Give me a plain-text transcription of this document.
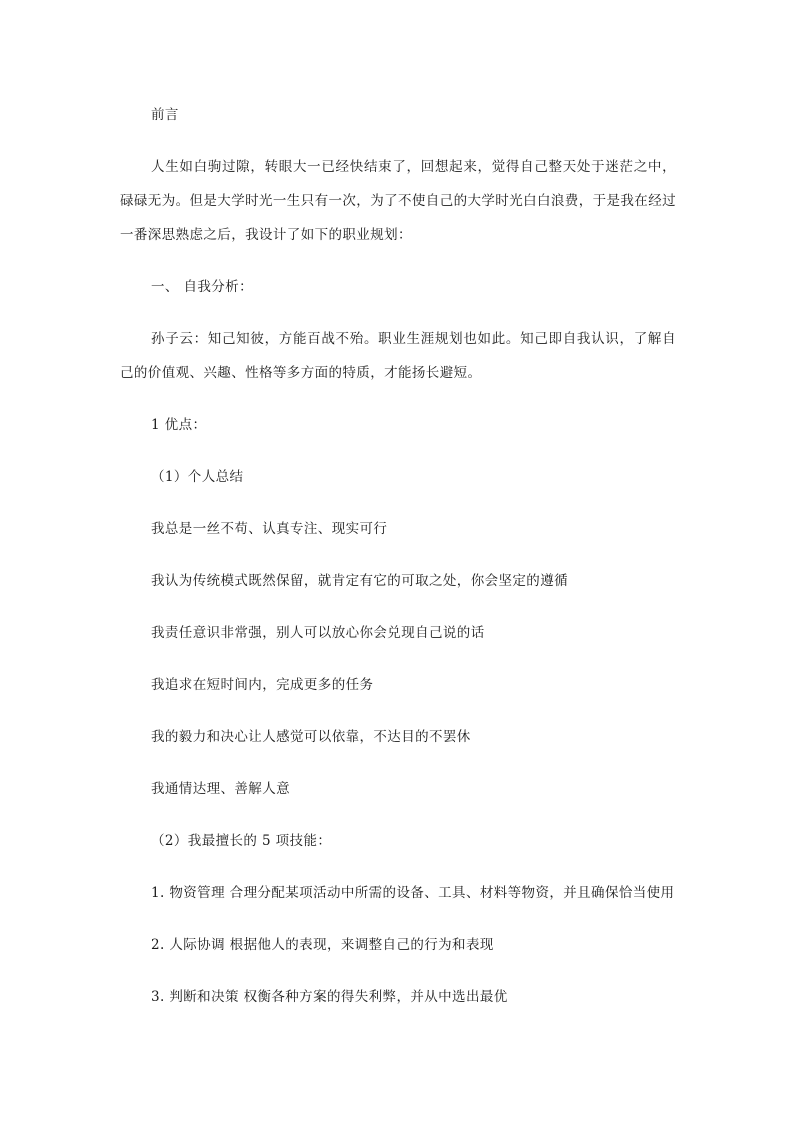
前言

人生如白驹过隙，转眼大一已经快结束了，回想起来，觉得自己整天处于迷茫之中，碌碌无为。但是大学时光一生只有一次，为了不使自己的大学时光白白浪费，于是我在经过一番深思熟虑之后，我设计了如下的职业规划：

一、 自我分析：

孙子云：知己知彼，方能百战不殆。职业生涯规划也如此。知己即自我认识，了解自己的价值观、兴趣、性格等多方面的特质，才能扬长避短。

1 优点：

（1）个人总结

我总是一丝不苟、认真专注、现实可行

我认为传统模式既然保留，就肯定有它的可取之处，你会坚定的遵循

我责任意识非常强，别人可以放心你会兑现自己说的话

我追求在短时间内，完成更多的任务

我的毅力和决心让人感觉可以依靠，不达目的不罢休

我通情达理、善解人意

（2）我最擅长的 5 项技能：

1. 物资管理 合理分配某项活动中所需的设备、工具、材料等物资，并且确保恰当使用

2. 人际协调 根据他人的表现，来调整自己的行为和表现

3. 判断和决策 权衡各种方案的得失利弊，并从中选出最优
